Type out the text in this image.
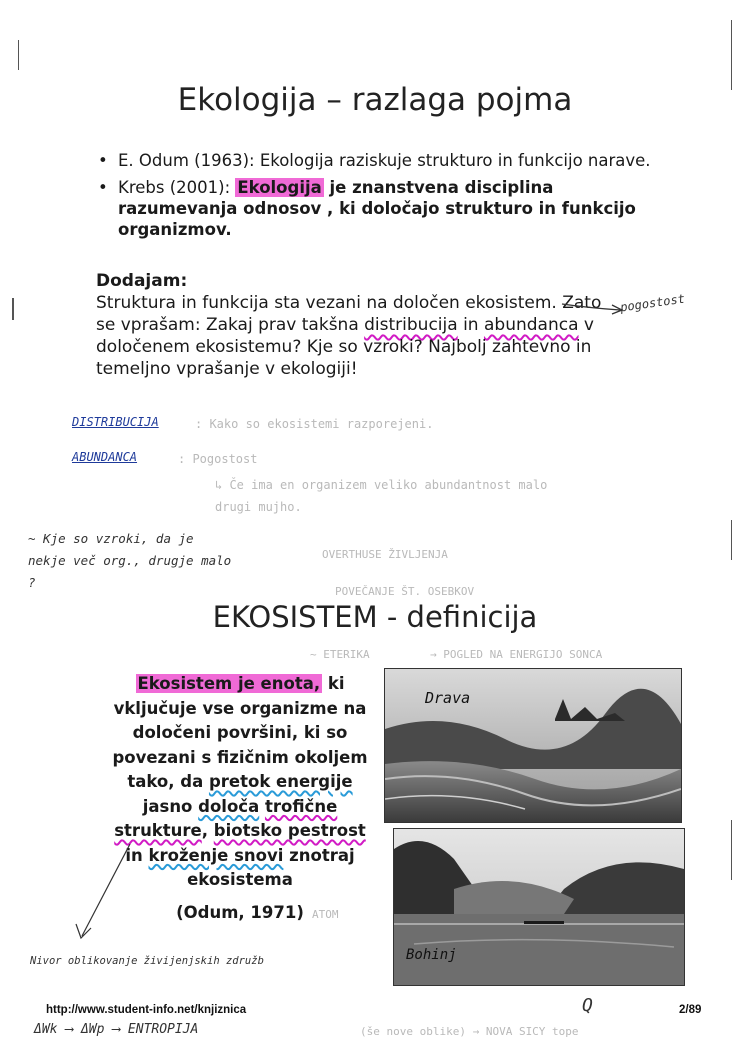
Ekologija – razlaga pojma
• E. Odum (1963): Ekologija raziskuje strukturo in funkcijo narave.
• Krebs (2001): Ekologija je znanstvena disciplina razumevanja odnosov , ki določajo strukturo in funkcijo organizmov.
Dodajam:
Struktura in funkcija sta vezani na določen ekosistem. Zato se vprašam: Zakaj prav takšna distribucija in abundanca v določenem ekosistemu? Kje so vzroki? Najbolj zahtevno in temeljno vprašanje v ekologiji!
pogostost
DISTRIBUCIJA	: Kako so ekosistemi razporejeni.
ABUNDANCA	: Pogostost
↳ Če ima en organizem veliko abundantnost malo drugi mujho.
~ Kje so vzroki, da je nekje več org., drugje malo ?
OVERTHUSE ŽIVLJENJA
POVEČANJE ŠT. OSEBKOV
~ ETERIKA	→ POGLED NA ENERGIJO SONCA
EKOSISTEM - definicija
Ekosistem je enota, ki vključuje vse organizme na določeni površini, ki so povezani s fizičnim okoljem tako, da pretok energije jasno določa trofične strukture, biotsko pestrost in kroženje snovi znotraj ekosistema
(Odum, 1971)
Drava
Bohinj
Nivor oblikovanje živijenjskih združb
ATOM
Q
http://www.student-info.net/knjiznica	2/89
ΔWk ⟶ ΔWp ⟶ ENTROPIJA	(še nove oblike) → NOVA SICY tope
